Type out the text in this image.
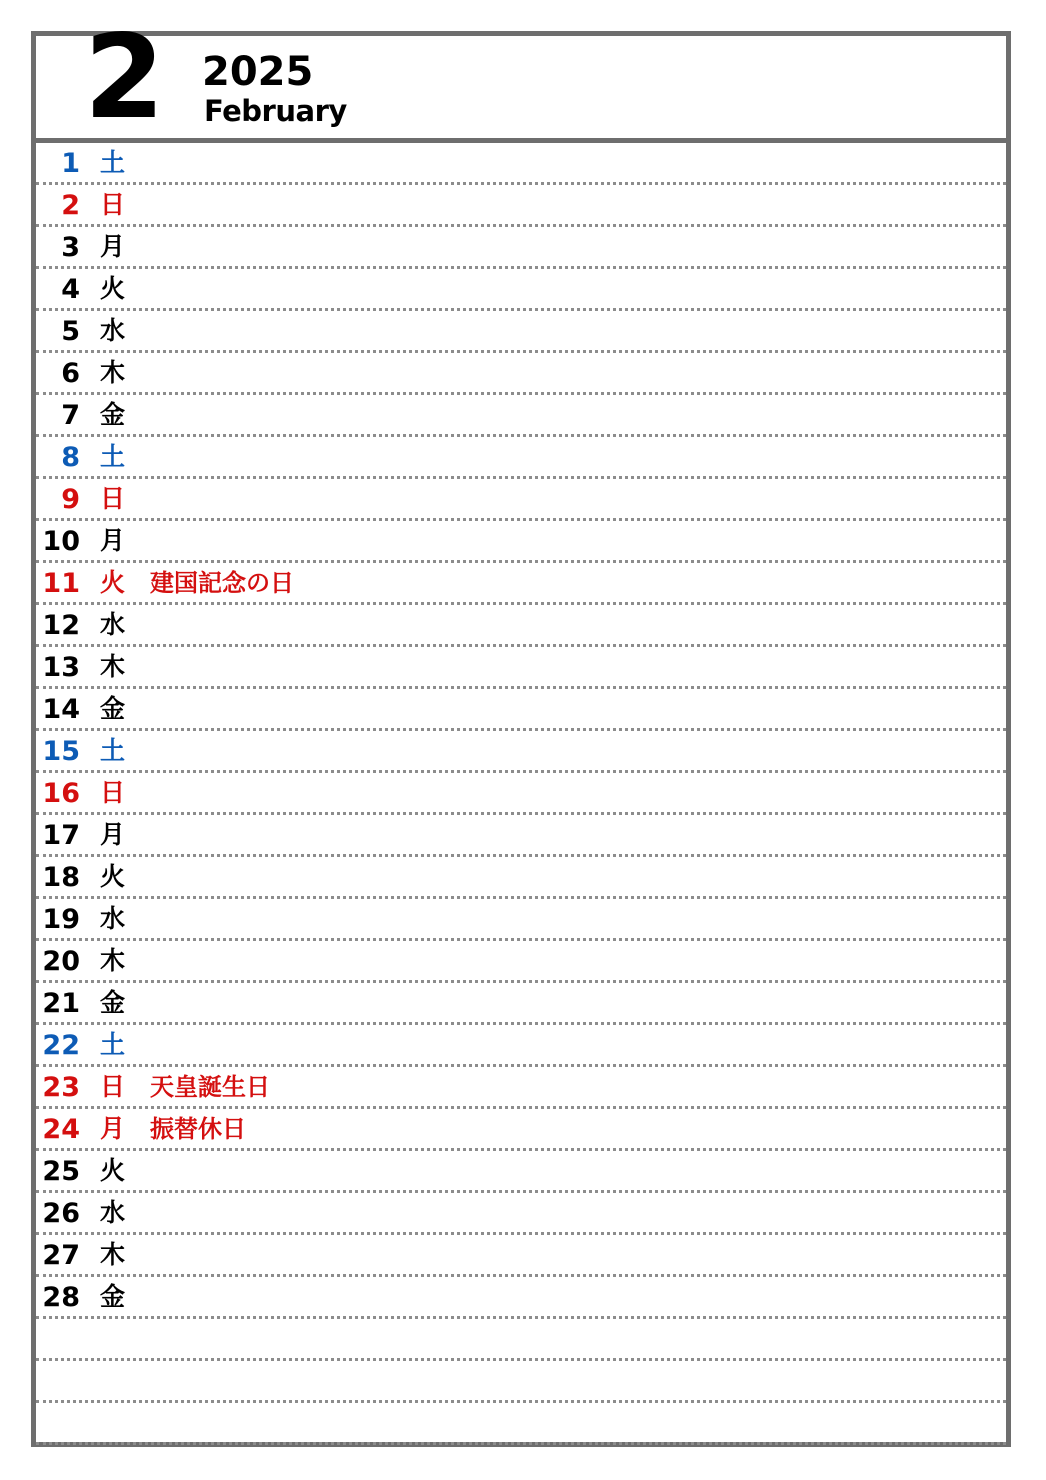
2 2025
February
1 土
2 日
3 月
4 火
5 水
6 木
7 金
8 土
9 日
10 月
11 火 建国記念の日
12 水
13 木
14 金
15 土
16 日
17 月
18 火
19 水
20 木
21 金
22 土
23 日 天皇誕生日
24 月 振替休日
25 火
26 水
27 木
28 金
